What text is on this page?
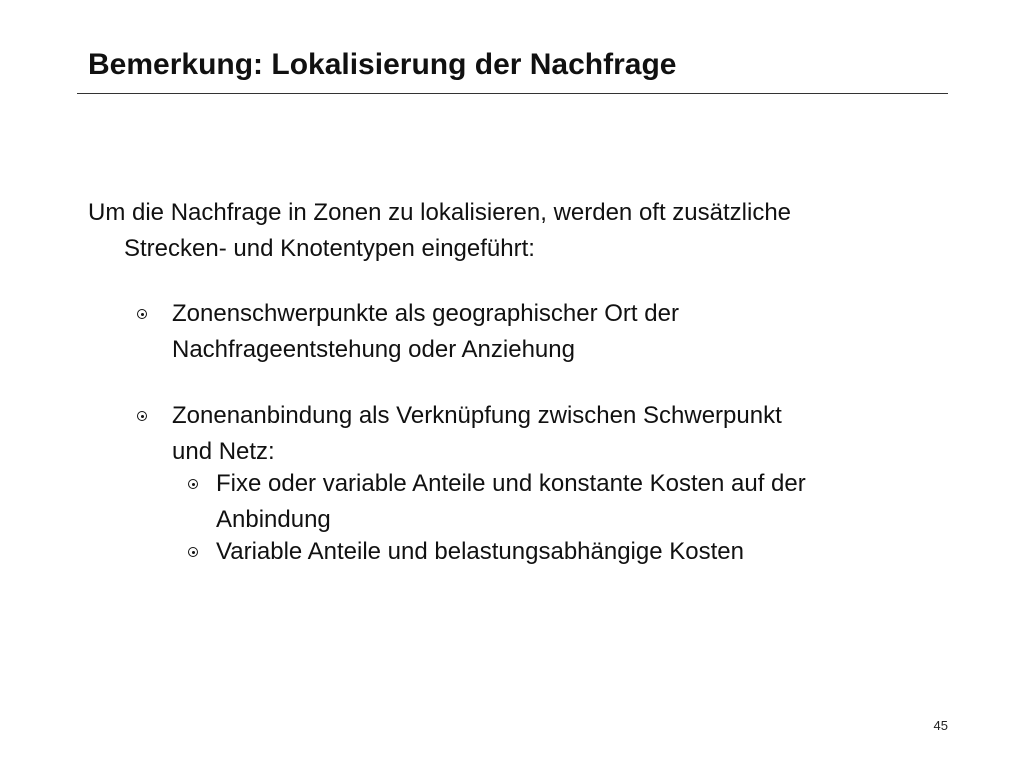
Bemerkung: Lokalisierung der Nachfrage

Um die Nachfrage in Zonen zu lokalisieren, werden oft zusätzliche
Strecken- und Knotentypen eingeführt:

Zonenschwerpunkte als geographischer Ort der
Nachfrageentstehung oder Anziehung
Zonenanbindung als Verknüpfung zwischen Schwerpunkt
und Netz:
Fixe oder variable Anteile und konstante Kosten auf der
Anbindung
Variable Anteile und belastungsabhängige Kosten
45
